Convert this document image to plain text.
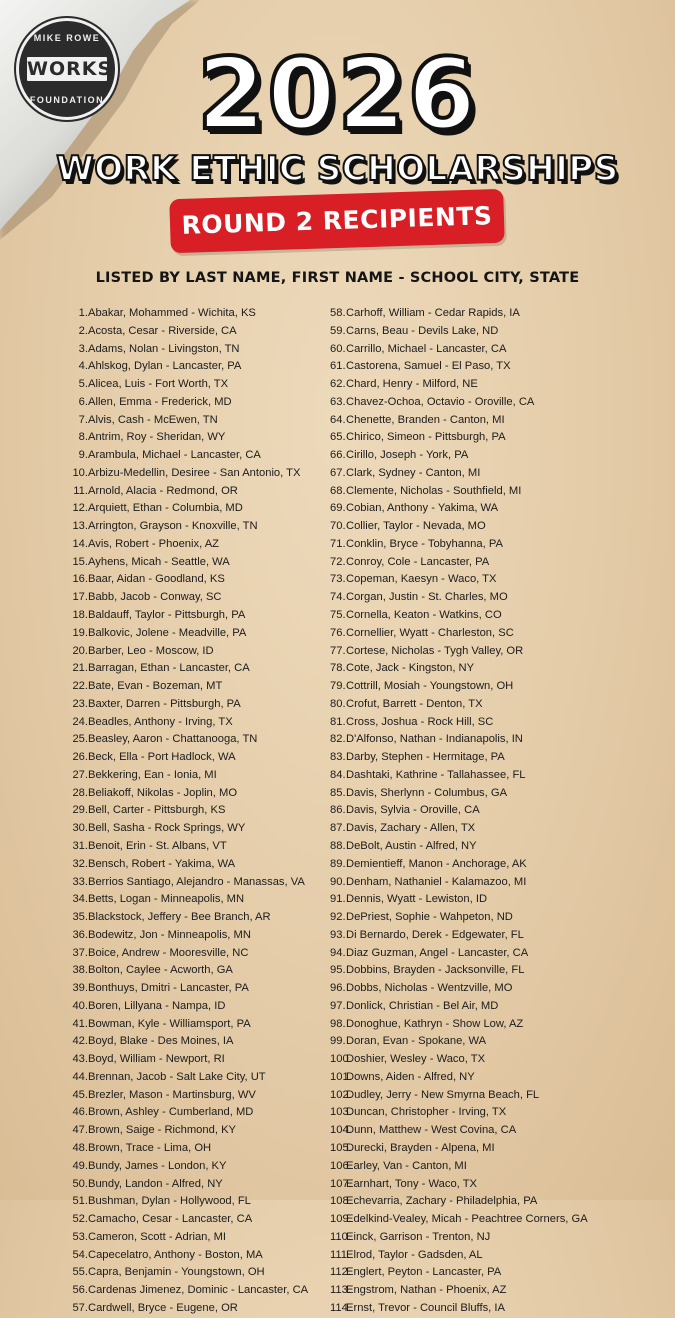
MIKE ROWE
WORKS
FOUNDATION 2026
WORK ETHIC SCHOLARSHIPS
ROUND 2 RECIPIENTS
LISTED BY LAST NAME, FIRST NAME - SCHOOL CITY, STATE
1. Abakar, Mohammed - Wichita, KS
2. Acosta, Cesar - Riverside, CA
3. Adams, Nolan - Livingston, TN
4. Ahlskog, Dylan - Lancaster, PA
5. Alicea, Luis - Fort Worth, TX
6. Allen, Emma - Frederick, MD
7. Alvis, Cash - McEwen, TN
8. Antrim, Roy - Sheridan, WY
9. Arambula, Michael - Lancaster, CA
10. Arbizu-Medellin, Desiree - San Antonio, TX
11. Arnold, Alacia - Redmond, OR
12. Arquiett, Ethan - Columbia, MD
13. Arrington, Grayson - Knoxville, TN
14. Avis, Robert - Phoenix, AZ
15. Ayhens, Micah - Seattle, WA
16. Baar, Aidan - Goodland, KS
17. Babb, Jacob - Conway, SC
18. Baldauff, Taylor - Pittsburgh, PA
19. Balkovic, Jolene - Meadville, PA
20. Barber, Leo - Moscow, ID
21. Barragan, Ethan - Lancaster, CA
22. Bate, Evan - Bozeman, MT
23. Baxter, Darren - Pittsburgh, PA
24. Beadles, Anthony - Irving, TX
25. Beasley, Aaron - Chattanooga, TN
26. Beck, Ella - Port Hadlock, WA
27. Bekkering, Ean - Ionia, MI
28. Beliakoff, Nikolas - Joplin, MO
29. Bell, Carter - Pittsburgh, KS
30. Bell, Sasha - Rock Springs, WY
31. Benoit, Erin - St. Albans, VT
32. Bensch, Robert - Yakima, WA
33. Berrios Santiago, Alejandro - Manassas, VA
34. Betts, Logan - Minneapolis, MN
35. Blackstock, Jeffery - Bee Branch, AR
36. Bodewitz, Jon - Minneapolis, MN
37. Boice, Andrew - Mooresville, NC
38. Bolton, Caylee - Acworth, GA
39. Bonthuys, Dmitri - Lancaster, PA
40. Boren, Lillyana - Nampa, ID
41. Bowman, Kyle - Williamsport, PA
42. Boyd, Blake - Des Moines, IA
43. Boyd, William - Newport, RI
44. Brennan, Jacob - Salt Lake City, UT
45. Brezler, Mason - Martinsburg, WV
46. Brown, Ashley - Cumberland, MD
47. Brown, Saige - Richmond, KY
48. Brown, Trace - Lima, OH
49. Bundy, James - London, KY
50. Bundy, Landon - Alfred, NY
51. Bushman, Dylan - Hollywood, FL
52. Camacho, Cesar - Lancaster, CA
53. Cameron, Scott - Adrian, MI
54. Capecelatro, Anthony - Boston, MA
55. Capra, Benjamin - Youngstown, OH
56. Cardenas Jimenez, Dominic - Lancaster, CA
57. Cardwell, Bryce - Eugene, OR
58. Carhoff, William - Cedar Rapids, IA
59. Carns, Beau - Devils Lake, ND
60. Carrillo, Michael - Lancaster, CA
61. Castorena, Samuel - El Paso, TX
62. Chard, Henry - Milford, NE
63. Chavez-Ochoa, Octavio - Oroville, CA
64. Chenette, Branden - Canton, MI
65. Chirico, Simeon - Pittsburgh, PA
66. Cirillo, Joseph - York, PA
67. Clark, Sydney - Canton, MI
68. Clemente, Nicholas - Southfield, MI
69. Cobian, Anthony - Yakima, WA
70. Collier, Taylor - Nevada, MO
71. Conklin, Bryce - Tobyhanna, PA
72. Conroy, Cole - Lancaster, PA
73. Copeman, Kaesyn - Waco, TX
74. Corgan, Justin - St. Charles, MO
75. Cornella, Keaton - Watkins, CO
76. Cornellier, Wyatt - Charleston, SC
77. Cortese, Nicholas - Tygh Valley, OR
78. Cote, Jack - Kingston, NY
79. Cottrill, Mosiah - Youngstown, OH
80. Crofut, Barrett - Denton, TX
81. Cross, Joshua - Rock Hill, SC
82. D'Alfonso, Nathan - Indianapolis, IN
83. Darby, Stephen - Hermitage, PA
84. Dashtaki, Kathrine - Tallahassee, FL
85. Davis, Sherlynn - Columbus, GA
86. Davis, Sylvia - Oroville, CA
87. Davis, Zachary - Allen, TX
88. DeBolt, Austin - Alfred, NY
89. Demientieff, Manon - Anchorage, AK
90. Denham, Nathaniel - Kalamazoo, MI
91. Dennis, Wyatt - Lewiston, ID
92. DePriest, Sophie - Wahpeton, ND
93. Di Bernardo, Derek - Edgewater, FL
94. Diaz Guzman, Angel - Lancaster, CA
95. Dobbins, Brayden - Jacksonville, FL
96. Dobbs, Nicholas - Wentzville, MO
97. Donlick, Christian - Bel Air, MD
98. Donoghue, Kathryn - Show Low, AZ
99. Doran, Evan - Spokane, WA
100.
Doshier, Wesley - Waco, TX
101.
Downs, Aiden - Alfred, NY
102.
Dudley, Jerry - New Smyrna Beach, FL
103.
Duncan, Christopher - Irving, TX
104.
Dunn, Matthew - West Covina, CA
105.
Durecki, Brayden - Alpena, MI
106.
Earley, Van - Canton, MI
107.
Earnhart, Tony - Waco, TX
108.
Echevarria, Zachary - Philadelphia, PA
109.
Edelkind-Vealey, Micah - Peachtree Corners, GA
110.
Einck, Garrison - Trenton, NJ
111.
Elrod, Taylor - Gadsden, AL
112.
Englert, Peyton - Lancaster, PA
113.
Engstrom, Nathan - Phoenix, AZ
114.
Ernst, Trevor - Council Bluffs, IA
